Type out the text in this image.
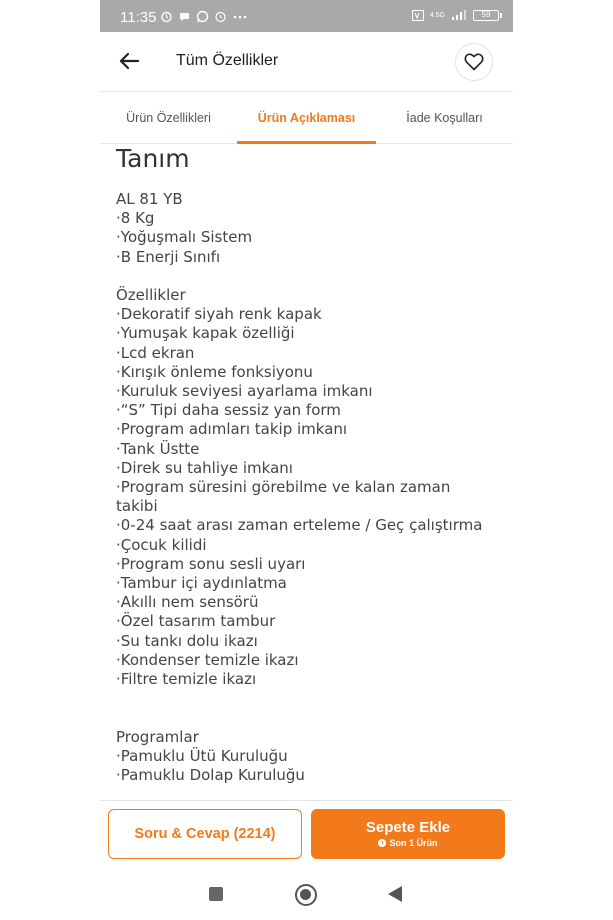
11:35	4.5G	59
Tüm Özellikler
Ürün Özellikleri	Ürün Açıklaması	İade Koşulları
Tanım
AL 81 YB
·8 Kg
·Yoğuşmalı Sistem
·B Enerji Sınıfı
Özellikler
·Dekoratif siyah renk kapak
·Yumuşak kapak özelliği
·Lcd ekran
·Kırışık önleme fonksiyonu
·Kuruluk seviyesi ayarlama imkanı
·“S” Tipi daha sessiz yan form
·Program adımları takip imkanı
·Tank Üstte
·Direk su tahliye imkanı
·Program süresini görebilme ve kalan zaman takibi
·0-24 saat arası zaman erteleme / Geç çalıştırma
·Çocuk kilidi
·Program sonu sesli uyarı
·Tambur içi aydınlatma
·Akıllı nem sensörü
·Özel tasarım tambur
·Su tankı dolu ikazı
·Kondenser temizle ikazı
·Filtre temizle ikazı
Programlar
·Pamuklu Ütü Kuruluğu
·Pamuklu Dolap Kuruluğu
Soru & Cevap (2214)	Sepete Ekle
Son 1 Ürün
